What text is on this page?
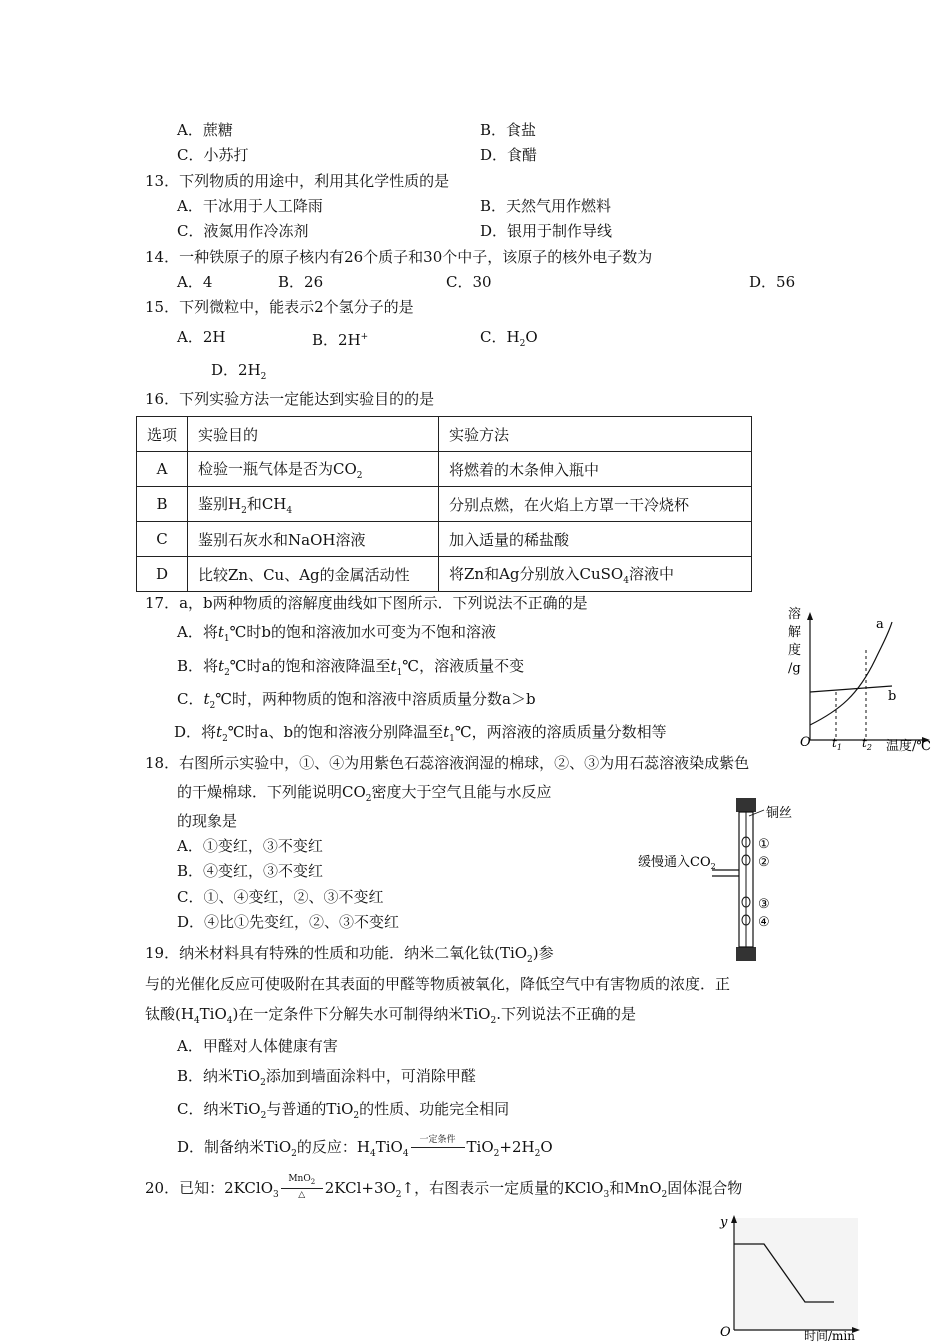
A．蔗糖	B．食盐
C．小苏打	D．食醋
13．下列物质的用途中，利用其化学性质的是
A．干冰用于人工降雨	B．天然气用作燃料
C．液氮用作冷冻剂	D．银用于制作导线
14．一种铁原子的原子核内有26个质子和30个中子，该原子的核外电子数为
A．4	B．26	C．30	D．56
15．下列微粒中，能表示2个氢分子的是
A．2H	B．2H+	C．$H_2O$
D．$2H_2$
16．下列实验方法一定能达到实验目的的是
选项	实验目的	实验方法
A	检验一瓶气体是否为$CO_2$	将燃着的木条伸入瓶中
B	鉴别$H_2$和$CH_4$	分别点燃，在火焰上方罩一干冷烧杯
C	鉴别石灰水和NaOH溶液	加入适量的稀盐酸
D	比较Zn、Cu、Ag的金属活动性	将Zn和Ag分别放入CuSO$_4$溶液中
17．a，b两种物质的溶解度曲线如下图所示．下列说法不正确的是
A．将$t_1℃$时b的饱和溶液加水可变为不饱和溶液
B．将$t_2℃$时a的饱和溶液降温至$t_1℃$，溶液质量不变
C．$t_2℃$时，两种物质的饱和溶液中溶质质量分数a＞b
D．将$t_2℃$时a、b的饱和溶液分别降温至$t_1℃$，两溶液的溶质质量分数相等
溶
解
度
/g
a
b
O $t_1$ $t_2$ 温度/℃
18．右图所示实验中，①、④为用紫色石蕊溶液润湿的棉球，②、③为用石蕊溶液染成紫色
的干燥棉球．下列能说明$CO_2$密度大于空气且能与水反应
的现象是
A．①变红，③不变红
B．④变红，③不变红
C．①、④变红，②、③不变红
D．④比①先变红，②、③不变红
铜丝
缓慢通入$CO_2$
①
②
③
④
19．纳米材料具有特殊的性质和功能．纳米二氧化钛(TiO$_2$)参
与的光催化反应可使吸附在其表面的甲醛等物质被氧化，降低空气中有害物质的浓度．正
钛酸$(H_4TiO_4)$在一定条件下分解失水可制得纳米TiO$_2$.下列说法不正确的是
A．甲醛对人体健康有害
B．纳米TiO$_2$添加到墙面涂料中，可消除甲醛
C．纳米TiO$_2$与普通的TiO$_2$的性质、功能完全相同
D．制备纳米TiO$_2$的反应：$H_4TiO_4$
一定条件 $TiO_2+2H_2O$
20．已知：2KClO$_3$
MnO$_2$
△	$2KCl+3O_2↑$，右图表示一定质量的KClO$_3$和MnO$_2$固体混合物
y
O	时间/min
